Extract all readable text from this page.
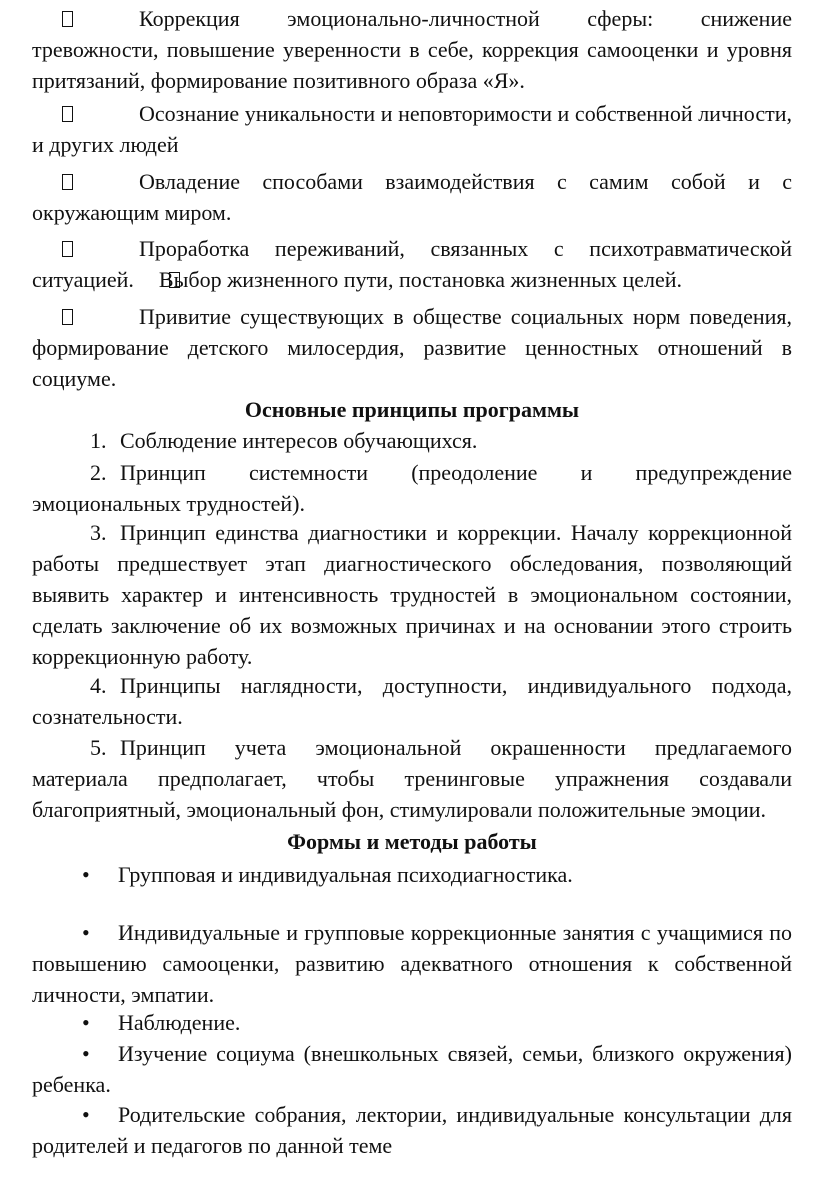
Коррекция эмоционально-личностной сферы: снижение тревожности, повышение уверенности в себе, коррекция самооценки и уровня притязаний, формирование позитивного образа «Я».

Осознание уникальности и неповторимости и собственной личности, и других людей

Овладение способами взаимодействия с самим собой и с окружающим миром.

Проработка переживаний, связанных с психотравматической ситуацией. Выбор жизненного пути, постановка жизненных целей.

Привитие существующих в обществе социальных норм поведения, формирование детского милосердия, развитие ценностных отношений в социуме.

Основные принципы программы

1. Соблюдение интересов обучающихся.

2. Принцип системности (преодоление и предупреждение эмоциональных трудностей).

3. Принцип единства диагностики и коррекции. Началу коррекционной работы предшествует этап диагностического обследования, позволяющий выявить характер и интенсивность трудностей в эмоциональном состоянии, сделать заключение об их возможных причинах и на основании этого строить коррекционную работу.

4. Принципы наглядности, доступности, индивидуального подхода, сознательности.

5. Принцип учета эмоциональной окрашенности предлагаемого материала предполагает, чтобы тренинговые упражнения создавали благоприятный, эмоциональный фон, стимулировали положительные эмоции.

Формы и методы работы

• Групповая и индивидуальная психодиагностика.

• Индивидуальные и групповые коррекционные занятия с учащимися по повышению самооценки, развитию адекватного отношения к собственной личности, эмпатии.

• Наблюдение.

• Изучение социума (внешкольных связей, семьи, близкого окружения) ребенка.

• Родительские собрания, лектории, индивидуальные консультации для родителей и педагогов по данной теме
